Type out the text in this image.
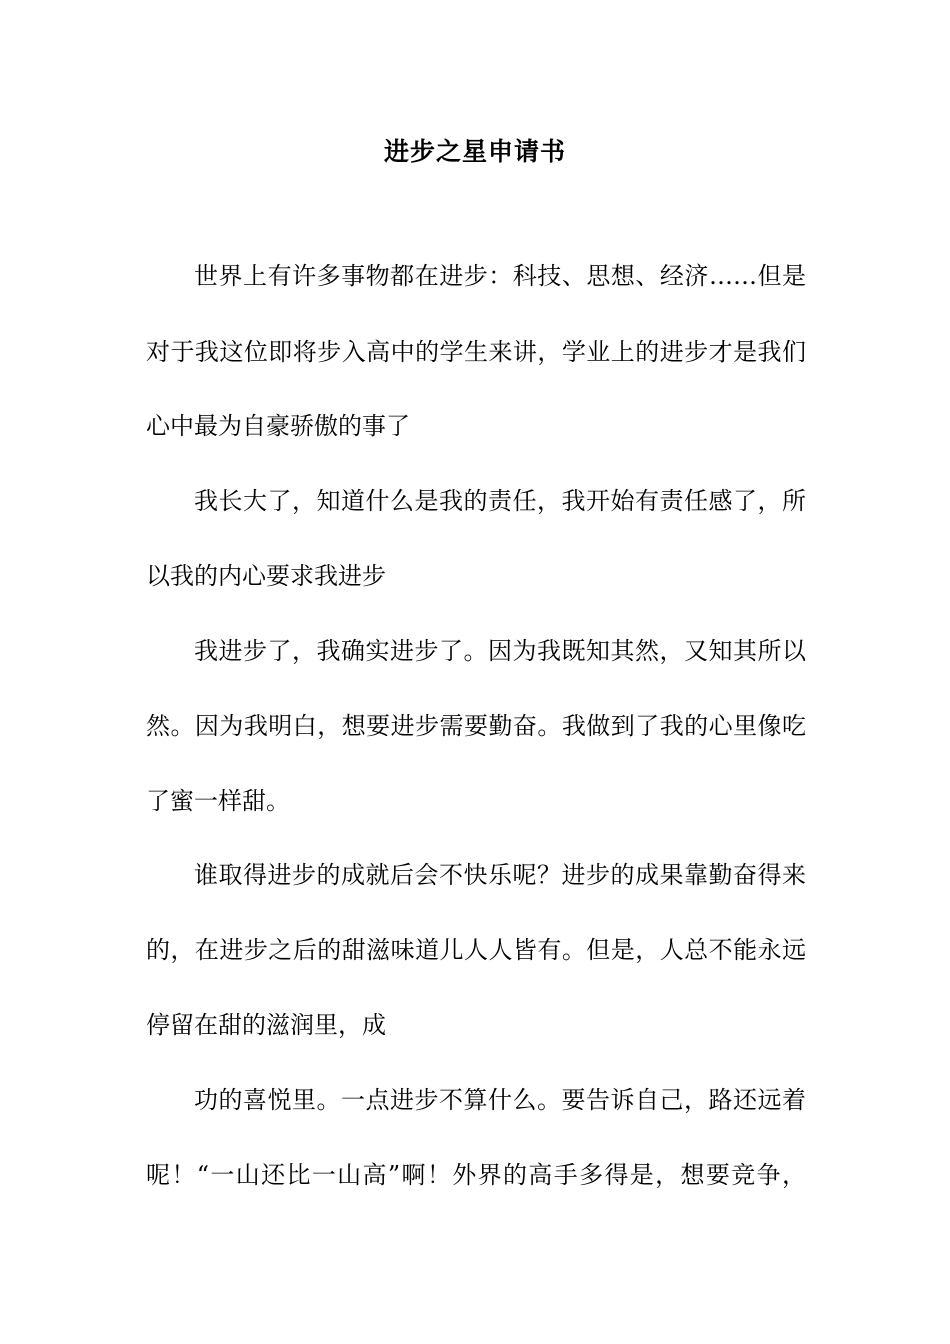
进步之星申请书
世界上有许多事物都在进步：科技、思想、经济……但是
对于我这位即将步入高中的学生来讲，学业上的进步才是我们
心中最为自豪骄傲的事了
我长大了，知道什么是我的责任，我开始有责任感了，所
以我的内心要求我进步
我进步了，我确实进步了。因为我既知其然，又知其所以
然。因为我明白，想要进步需要勤奋。我做到了我的心里像吃
了蜜一样甜。
谁取得进步的成就后会不快乐呢？进步的成果靠勤奋得来
的，在进步之后的甜滋味道儿人人皆有。但是，人总不能永远
停留在甜的滋润里，成
功的喜悦里。一点进步不算什么。要告诉自己，路还远着
呢！“一山还比一山高”啊！外界的高手多得是，想要竞争，
